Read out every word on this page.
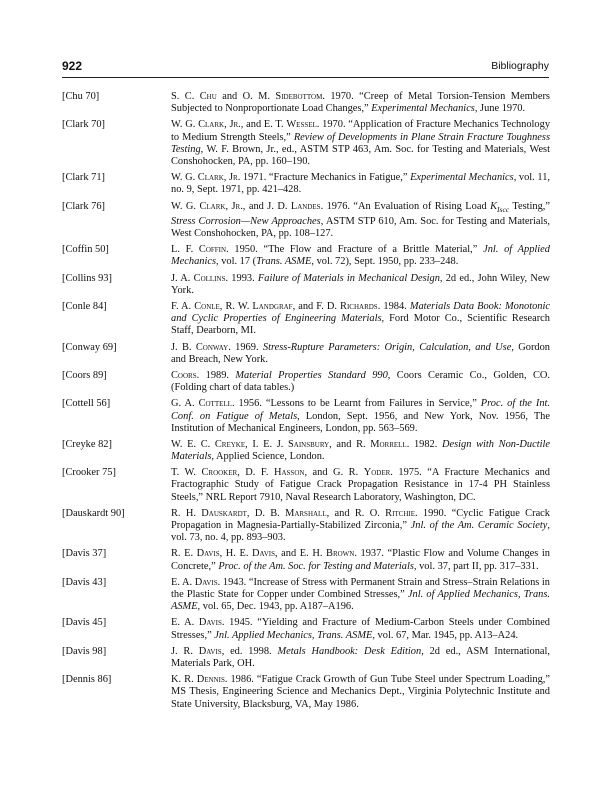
922	Bibliography
[Chu 70]	S. C. Chu and O. M. Sidebottom. 1970. “Creep of Metal Torsion-Tension Members Subjected to Nonproportionate Load Changes,” Experimental Mechanics, June 1970.
[Clark 70]	W. G. Clark, Jr., and E. T. Wessel. 1970. “Application of Fracture Mechanics Technology to Medium Strength Steels,” Review of Developments in Plane Strain Fracture Toughness Testing, W. F. Brown, Jr., ed., ASTM STP 463, Am. Soc. for Testing and Materials, West Conshohocken, PA, pp. 160–190.
[Clark 71]	W. G. Clark, Jr. 1971. “Fracture Mechanics in Fatigue,” Experimental Mechanics, vol. 11, no. 9, Sept. 1971, pp. 421–428.
[Clark 76]	W. G. Clark, Jr., and J. D. Landes. 1976. “An Evaluation of Rising Load $K_{Iscc}$ Testing,” Stress Corrosion—New Approaches, ASTM STP 610, Am. Soc. for Testing and Materials, West Conshohocken, PA, pp. 108–127.
[Coffin 50]	L. F. Coffin. 1950. “The Flow and Fracture of a Brittle Material,” Jnl. of Applied Mechanics, vol. 17 (Trans. ASME, vol. 72), Sept. 1950, pp. 233–248.
[Collins 93]	J. A. Collins. 1993. Failure of Materials in Mechanical Design, 2d ed., John Wiley, New York.
[Conle 84]	F. A. Conle, R. W. Landgraf, and F. D. Richards. 1984. Materials Data Book: Monotonic and Cyclic Properties of Engineering Materials, Ford Motor Co., Scientific Research Staff, Dearborn, MI.
[Conway 69]	J. B. Conway. 1969. Stress-Rupture Parameters: Origin, Calculation, and Use, Gordon and Breach, New York.
[Coors 89]	Coors. 1989. Material Properties Standard 990, Coors Ceramic Co., Golden, CO. (Folding chart of data tables.)
[Cottell 56]	G. A. Cottell. 1956. “Lessons to be Learnt from Failures in Service,” Proc. of the Int. Conf. on Fatigue of Metals, London, Sept. 1956, and New York, Nov. 1956, The Institution of Mechanical Engineers, London, pp. 563–569.
[Creyke 82]	W. E. C. Creyke, I. E. J. Sainsbury, and R. Morrell. 1982. Design with Non-Ductile Materials, Applied Science, London.
[Crooker 75]	T. W. Crooker, D. F. Hasson, and G. R. Yoder. 1975. “A Fracture Mechanics and Fractographic Study of Fatigue Crack Propagation Resistance in 17-4 PH Stainless Steels,” NRL Report 7910, Naval Research Laboratory, Washington, DC.
[Dauskardt 90]	R. H. Dauskardt, D. B. Marshall, and R. O. Ritchie. 1990. “Cyclic Fatigue Crack Propagation in Magnesia-Partially-Stabilized Zirconia,” Jnl. of the Am. Ceramic Society, vol. 73, no. 4, pp. 893–903.
[Davis 37]	R. E. Davis, H. E. Davis, and E. H. Brown. 1937. “Plastic Flow and Volume Changes in Concrete,” Proc. of the Am. Soc. for Testing and Materials, vol. 37, part II, pp. 317–331.
[Davis 43]	E. A. Davis. 1943. “Increase of Stress with Permanent Strain and Stress–Strain Relations in the Plastic State for Copper under Combined Stresses,” Jnl. of Applied Mechanics, Trans. ASME, vol. 65, Dec. 1943, pp. A187–A196.
[Davis 45]	E. A. Davis. 1945. “Yielding and Fracture of Medium-Carbon Steels under Combined Stresses,” Jnl. Applied Mechanics, Trans. ASME, vol. 67, Mar. 1945, pp. A13–A24.
[Davis 98]	J. R. Davis, ed. 1998. Metals Handbook: Desk Edition, 2d ed., ASM International, Materials Park, OH.
[Dennis 86]	K. R. Dennis. 1986. “Fatigue Crack Growth of Gun Tube Steel under Spectrum Loading,” MS Thesis, Engineering Science and Mechanics Dept., Virginia Polytechnic Institute and State University, Blacksburg, VA, May 1986.
